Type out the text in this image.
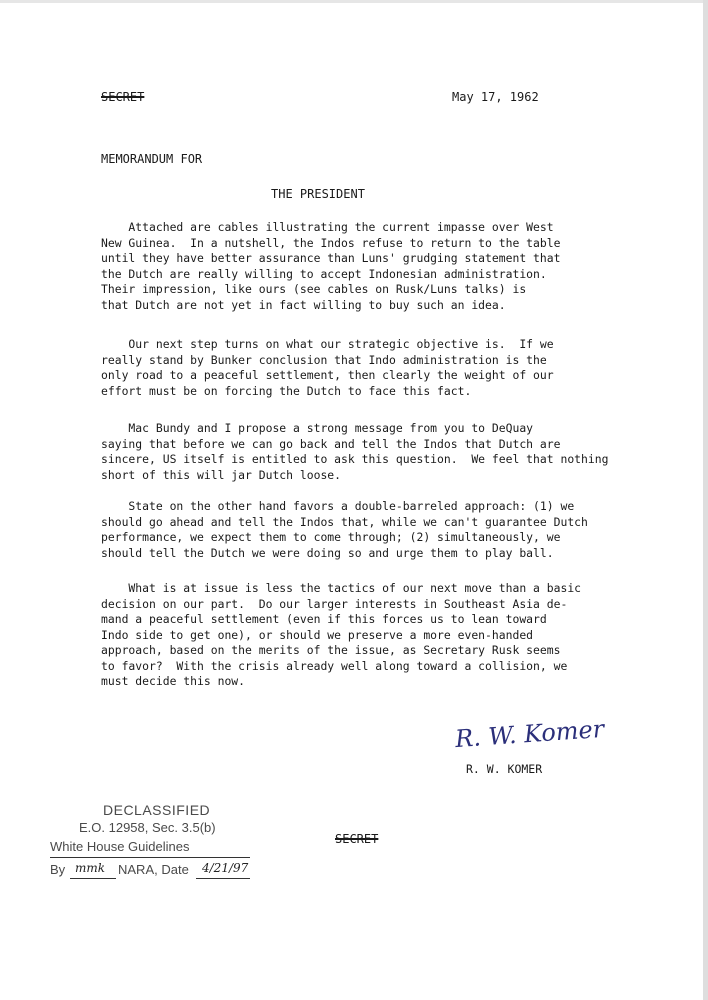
SECRET	May 17, 1962
MEMORANDUM FOR
THE PRESIDENT
Attached are cables illustrating the current impasse over West
New Guinea.  In a nutshell, the Indos refuse to return to the table
until they have better assurance than Luns' grudging statement that
the Dutch are really willing to accept Indonesian administration.
Their impression, like ours (see cables on Rusk/Luns talks) is
that Dutch are not yet in fact willing to buy such an idea.
Our next step turns on what our strategic objective is.  If we
really stand by Bunker conclusion that Indo administration is the
only road to a peaceful settlement, then clearly the weight of our
effort must be on forcing the Dutch to face this fact.
Mac Bundy and I propose a strong message from you to DeQuay
saying that before we can go back and tell the Indos that Dutch are
sincere, US itself is entitled to ask this question.  We feel that nothing
short of this will jar Dutch loose.
State on the other hand favors a double-barreled approach: (1) we
should go ahead and tell the Indos that, while we can't guarantee Dutch
performance, we expect them to come through; (2) simultaneously, we
should tell the Dutch we were doing so and urge them to play ball.
What is at issue is less the tactics of our next move than a basic
decision on our part.  Do our larger interests in Southeast Asia de-
mand a peaceful settlement (even if this forces us to lean toward
Indo side to get one), or should we preserve a more even-handed
approach, based on the merits of the issue, as Secretary Rusk seems
to favor?  With the crisis already well along toward a collision, we
must decide this now.
R. W. Komer
R. W. KOMER
DECLASSIFIED
E.O. 12958, Sec. 3.5(b)
White House Guidelines
By mmk NARA, Date 4/21/97
SECRET
